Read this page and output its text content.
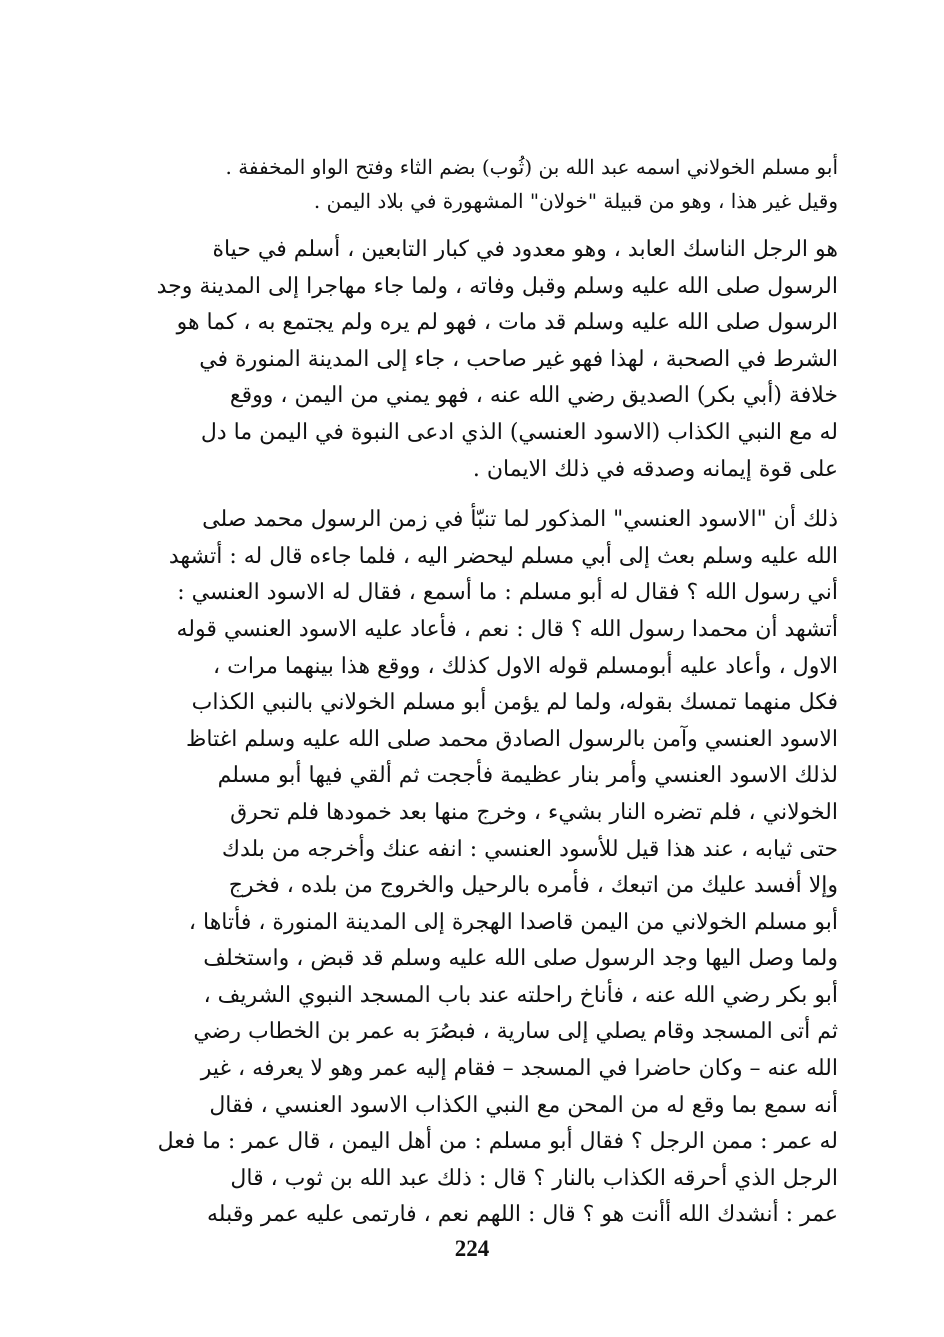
أبو مسلم الخولاني اسمه عبد الله بن (ثُوب) بضم الثاء وفتح الواو المخففة .
وقيل غير هذا ، وهو من قبيلة "خولان" المشهورة في بلاد اليمن .
هو الرجل الناسك العابد ، وهو معدود في كبار التابعين ، أسلم في حياة
الرسول صلى الله عليه وسلم وقبل وفاته ، ولما جاء مهاجرا إلى المدينة وجد
الرسول صلى الله عليه وسلم قد مات ، فهو لم يره ولم يجتمع به ، كما هو
الشرط في الصحبة ، لهذا فهو غير صاحب ، جاء إلى المدينة المنورة في
خلافة (أبي بكر) الصديق رضي الله عنه ، فهو يمني من اليمن ، ووقع
له مع النبي الكذاب (الاسود العنسي) الذي ادعى النبوة في اليمن ما دل
على قوة إيمانه وصدقه في ذلك الايمان .
ذلك أن "الاسود العنسي" المذكور لما تنبّأ في زمن الرسول محمد صلى
الله عليه وسلم بعث إلى أبي مسلم ليحضر اليه ، فلما جاءه قال له : أتشهد
أني رسول الله ؟ فقال له أبو مسلم : ما أسمع ، فقال له الاسود العنسي :
أتشهد أن محمدا رسول الله ؟ قال : نعم ، فأعاد عليه الاسود العنسي قوله
الاول ، وأعاد عليه أبومسلم قوله الاول كذلك ، ووقع هذا بينهما مرات ،
فكل منهما تمسك بقوله، ولما لم يؤمن أبو مسلم الخولاني بالنبي الكذاب
الاسود العنسي وآمن بالرسول الصادق محمد صلى الله عليه وسلم اغتاظ
لذلك الاسود العنسي وأمر بنار عظيمة فأججت ثم ألقي فيها أبو مسلم
الخولاني ، فلم تضره النار بشيء ، وخرج منها بعد خمودها فلم تحرق
حتى ثيابه ، عند هذا قيل للأسود العنسي : انفه عنك وأخرجه من بلدك
وإلا أفسد عليك من اتبعك ، فأمره بالرحيل والخروج من بلده ، فخرج
أبو مسلم الخولاني من اليمن قاصدا الهجرة إلى المدينة المنورة ، فأتاها ،
ولما وصل اليها وجد الرسول صلى الله عليه وسلم قد قبض ، واستخلف
أبو بكر رضي الله عنه ، فأناخ راحلته عند باب المسجد النبوي الشريف ،
ثم أتى المسجد وقام يصلي إلى سارية ، فبصُرَ به عمر بن الخطاب رضي
الله عنه – وكان حاضرا في المسجد – فقام إليه عمر وهو لا يعرفه ، غير
أنه سمع بما وقع له من المحن مع النبي الكذاب الاسود العنسي ، فقال
له عمر : ممن الرجل ؟ فقال أبو مسلم : من أهل اليمن ، قال عمر : ما فعل
الرجل الذي أحرقه الكذاب بالنار ؟ قال : ذلك عبد الله بن ثوب ، قال
عمر : أنشدك الله أأنت هو ؟ قال : اللهم نعم ، فارتمى عليه عمر وقبله
224
